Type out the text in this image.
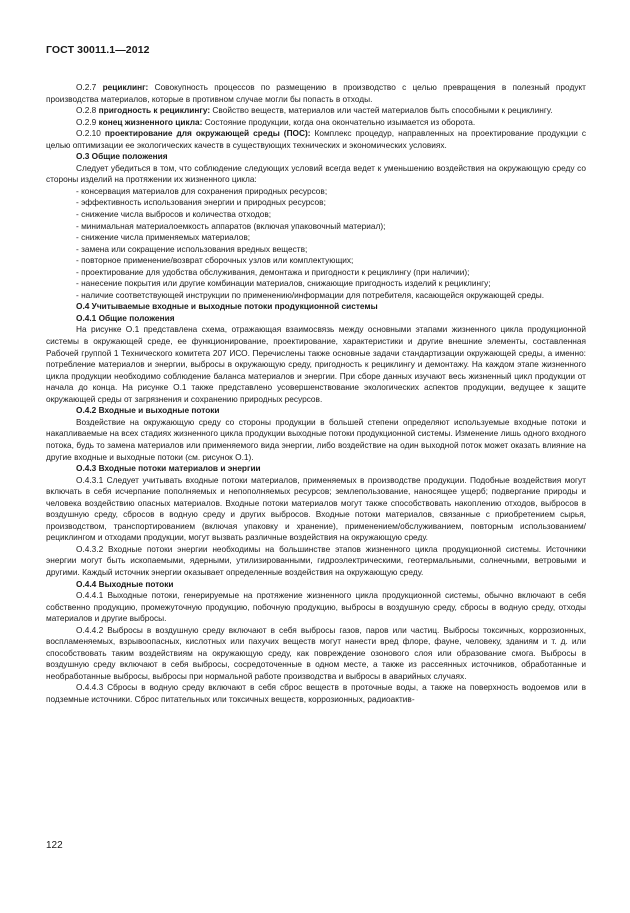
ГОСТ 30011.1—2012
О.2.7 рециклинг: Совокупность процессов по размещению в производство с целью превращения в полезный продукт производства материалов, которые в противном случае могли бы попасть в отходы.
О.2.8 пригодность к рециклингу: Свойство веществ, материалов или частей материалов быть способными к рециклингу.
О.2.9 конец жизненного цикла: Состояние продукции, когда она окончательно изымается из оборота.
О.2.10 проектирование для окружающей среды (ПОС): Комплекс процедур, направленных на проектирование продукции с целью оптимизации ее экологических качеств в существующих технических и экономических условиях.
О.3 Общие положения
Следует убедиться в том, что соблюдение следующих условий всегда ведет к уменьшению воздействия на окружающую среду со стороны изделий на протяжении их жизненного цикла:
- консервация материалов для сохранения природных ресурсов;
- эффективность использования энергии и природных ресурсов;
- снижение числа выбросов и количества отходов;
- минимальная материалоемкость аппаратов (включая упаковочный материал);
- снижение числа применяемых материалов;
- замена или сокращение использования вредных веществ;
- повторное применение/возврат сборочных узлов или комплектующих;
- проектирование для удобства обслуживания, демонтажа и пригодности к рециклингу (при наличии);
- нанесение покрытия или другие комбинации материалов, снижающие пригодность изделий к рециклингу;
- наличие соответствующей инструкции по применению/информации для потребителя, касающейся окружающей среды.
О.4 Учитываемые входные и выходные потоки продукционной системы
О.4.1 Общие положения
На рисунке О.1 представлена схема, отражающая взаимосвязь между основными этапами жизненного цикла продукционной системы в окружающей среде, ее функционирование, проектирование, характеристики и другие внешние элементы, составленная Рабочей группой 1 Технического комитета 207 ИСО. Перечислены также основные задачи стандартизации окружающей среды, а именно: потребление материалов и энергии, выбросы в окружающую среду, пригодность к рециклингу и демонтажу. На каждом этапе жизненного цикла продукции необходимо соблюдение баланса материалов и энергии. При сборе данных изучают весь жизненный цикл продукции от начала до конца. На рисунке О.1 также представлено усовершенствование экологических аспектов продукции, ведущее к защите окружающей среды от загрязнения и сохранению природных ресурсов.
О.4.2 Входные и выходные потоки
Воздействие на окружающую среду со стороны продукции в большей степени определяют используемые входные потоки и накапливаемые на всех стадиях жизненного цикла продукции выходные потоки продукционной системы. Изменение лишь одного входного потока, будь то замена материалов или применяемого вида энергии, либо воздействие на один выходной поток может оказать влияние на другие входные и выходные потоки (см. рисунок О.1).
О.4.3 Входные потоки материалов и энергии
О.4.3.1 Следует учитывать входные потоки материалов, применяемых в производстве продукции. Подобные воздействия могут включать в себя исчерпание пополняемых и непополняемых ресурсов; землепользование, наносящее ущерб; подвергание природы и человека воздействию опасных материалов. Входные потоки материалов могут также способствовать накоплению отходов, выбросов в воздушную среду, сбросов в водную среду и других выбросов. Входные потоки материалов, связанные с приобретением сырья, производством, транспортированием (включая упаковку и хранение), применением/обслуживанием, повторным использованием/ рециклингом и отходами продукции, могут вызвать различные воздействия на окружающую среду.
О.4.3.2 Входные потоки энергии необходимы на большинстве этапов жизненного цикла продукционной системы. Источники энергии могут быть ископаемыми, ядерными, утилизированными, гидроэлектрическими, геотермальными, солнечными, ветровыми и другими. Каждый источник энергии оказывает определенные воздействия на окружающую среду.
О.4.4 Выходные потоки
О.4.4.1 Выходные потоки, генерируемые на протяжение жизненного цикла продукционной системы, обычно включают в себя собственно продукцию, промежуточную продукцию, побочную продукцию, выбросы в воздушную среду, сбросы в водную среду, отходы материалов и другие выбросы.
О.4.4.2 Выбросы в воздушную среду включают в себя выбросы газов, паров или частиц. Выбросы токсичных, коррозионных, воспламеняемых, взрывоопасных, кислотных или пахучих веществ могут нанести вред флоре, фауне, человеку, зданиям и т. д. или способствовать таким воздействиям на окружающую среду, как повреждение озонового слоя или образование смога. Выбросы в воздушную среду включают в себя выбросы, сосредоточенные в одном месте, а также из рассеянных источников, обработанные и необработанные выбросы, выбросы при нормальной работе производства и выбросы в аварийных случаях.
О.4.4.3 Сбросы в водную среду включают в себя сброс веществ в проточные воды, а также на поверхность водоемов или в подземные источники. Сброс питательных или токсичных веществ, коррозионных, радиоактив-
122
